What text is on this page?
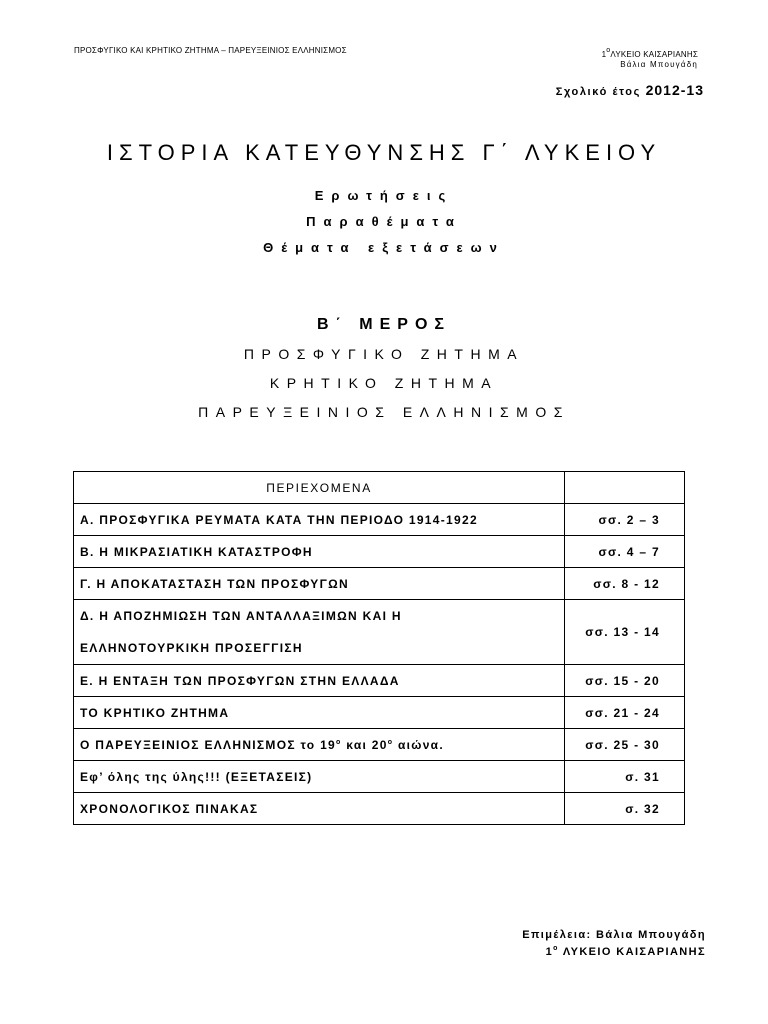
ΠΡΟΣΦΥΓΙΚΟ ΚΑΙ ΚΡΗΤΙΚΟ ΖΗΤΗΜΑ – ΠΑΡΕΥΞΕΙΝΙΟΣ ΕΛΛΗΝΙΣΜΟΣ	$1^o\Lambda\Upsilon KEIO$ ΚΑΙΣΑΡΙΑΝΗΣ
Βάλια Μπουγάδη
Σχολικό έτος 2012-13
ΙΣΤΟΡΙΑ ΚΑΤΕΥΘΥΝΣΗΣ Γ΄ ΛΥΚΕΙΟΥ
Ερωτήσεις
Παραθέματα
Θέματα εξετάσεων
Β΄ ΜΕΡΟΣ
ΠΡΟΣΦΥΓΙΚΟ ΖΗΤΗΜΑ
ΚΡΗΤΙΚΟ ΖΗΤΗΜΑ
ΠΑΡΕΥΞΕΙΝΙΟΣ ΕΛΛΗΝΙΣΜΟΣ
ΠΕΡΙΕΧΟΜΕΝΑ	
Α. ΠΡΟΣΦΥΓΙΚΑ ΡΕΥΜΑΤΑ ΚΑΤΑ ΤΗΝ ΠΕΡΙΟΔΟ 1914-1922	σσ. 2 – 3
Β. Η ΜΙΚΡΑΣΙΑΤΙΚΗ ΚΑΤΑΣΤΡΟΦΗ	σσ. 4 – 7
Γ. Η ΑΠΟΚΑΤΑΣΤΑΣΗ ΤΩΝ ΠΡΟΣΦΥΓΩΝ	σσ. 8 - 12

Δ. Η ΑΠΟΖΗΜΙΩΣΗ ΤΩΝ ΑΝΤΑΛΛΑΞΙΜΩΝ ΚΑΙ Η
ΕΛΛΗΝΟΤΟΥΡΚΙΚΗ ΠΡΟΣΕΓΓΙΣΗ	σσ. 13 - 14
Ε. Η ΕΝΤΑΞΗ ΤΩΝ ΠΡΟΣΦΥΓΩΝ ΣΤΗΝ ΕΛΛΑΔΑ	σσ. 15 - 20
ΤΟ ΚΡΗΤΙΚΟ ΖΗΤΗΜΑ	σσ. 21 - 24
Ο ΠΑΡΕΥΞΕΙΝΙΟΣ ΕΛΛΗΝΙΣΜΟΣ το $19^o$ και $20^o$ αιώνα.	σσ. 25 - 30
Εφ’ όλης της ύλης!!! (ΕΞΕΤΑΣΕΙΣ)	σ. 31
ΧΡΟΝΟΛΟΓΙΚΟΣ ΠΙΝΑΚΑΣ	σ. 32
Επιμέλεια: Βάλια Μπουγάδη
$1^o$ ΛΥΚΕΙΟ ΚΑΙΣΑΡΙΑΝΗΣ
